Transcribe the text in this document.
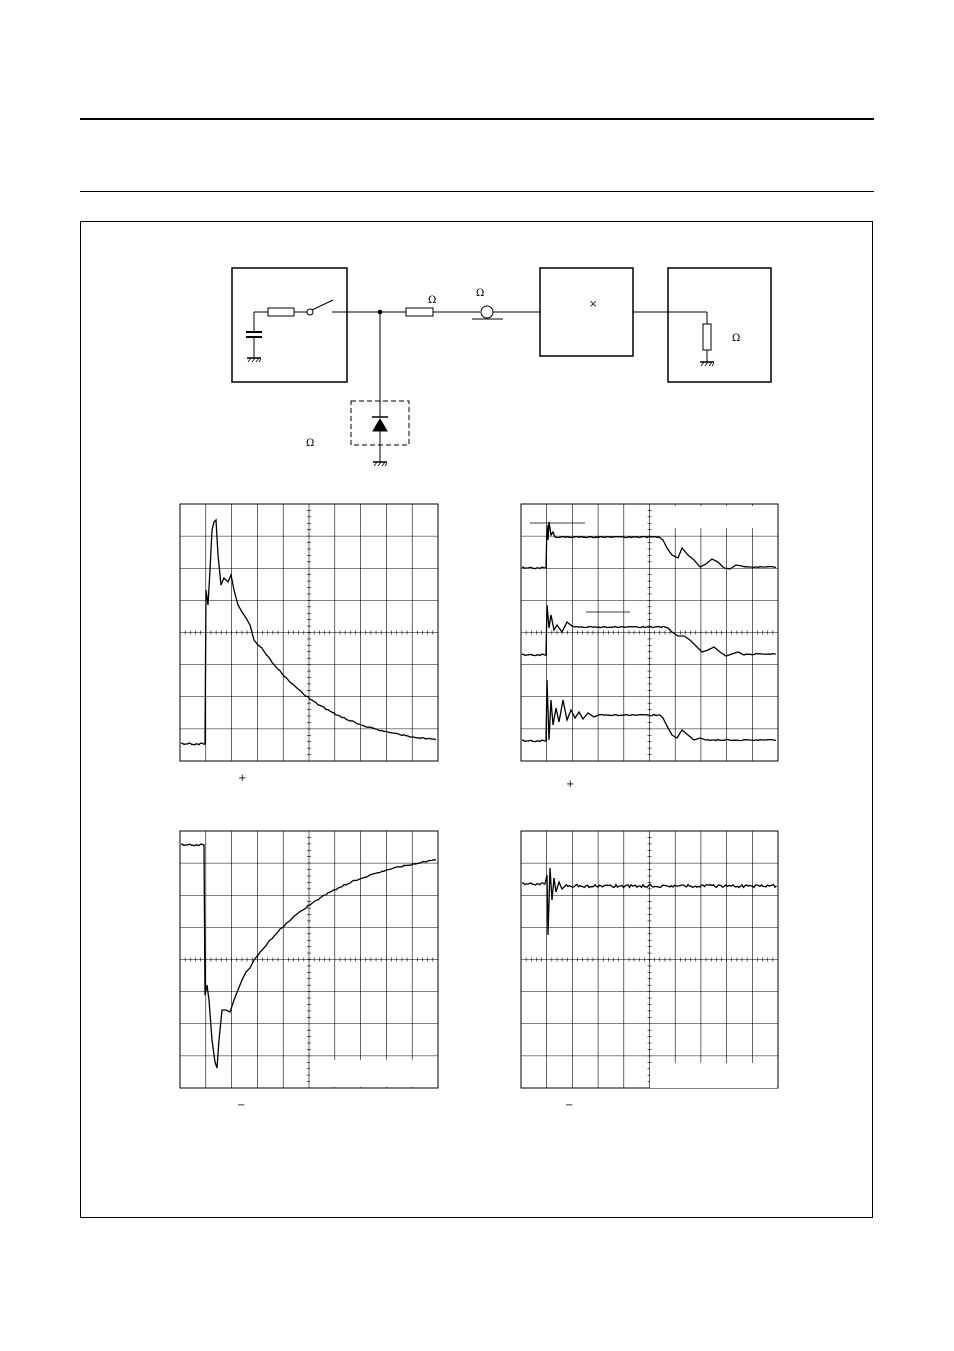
Ω
Ω
×
Ω
Ω
+
+
−	−
